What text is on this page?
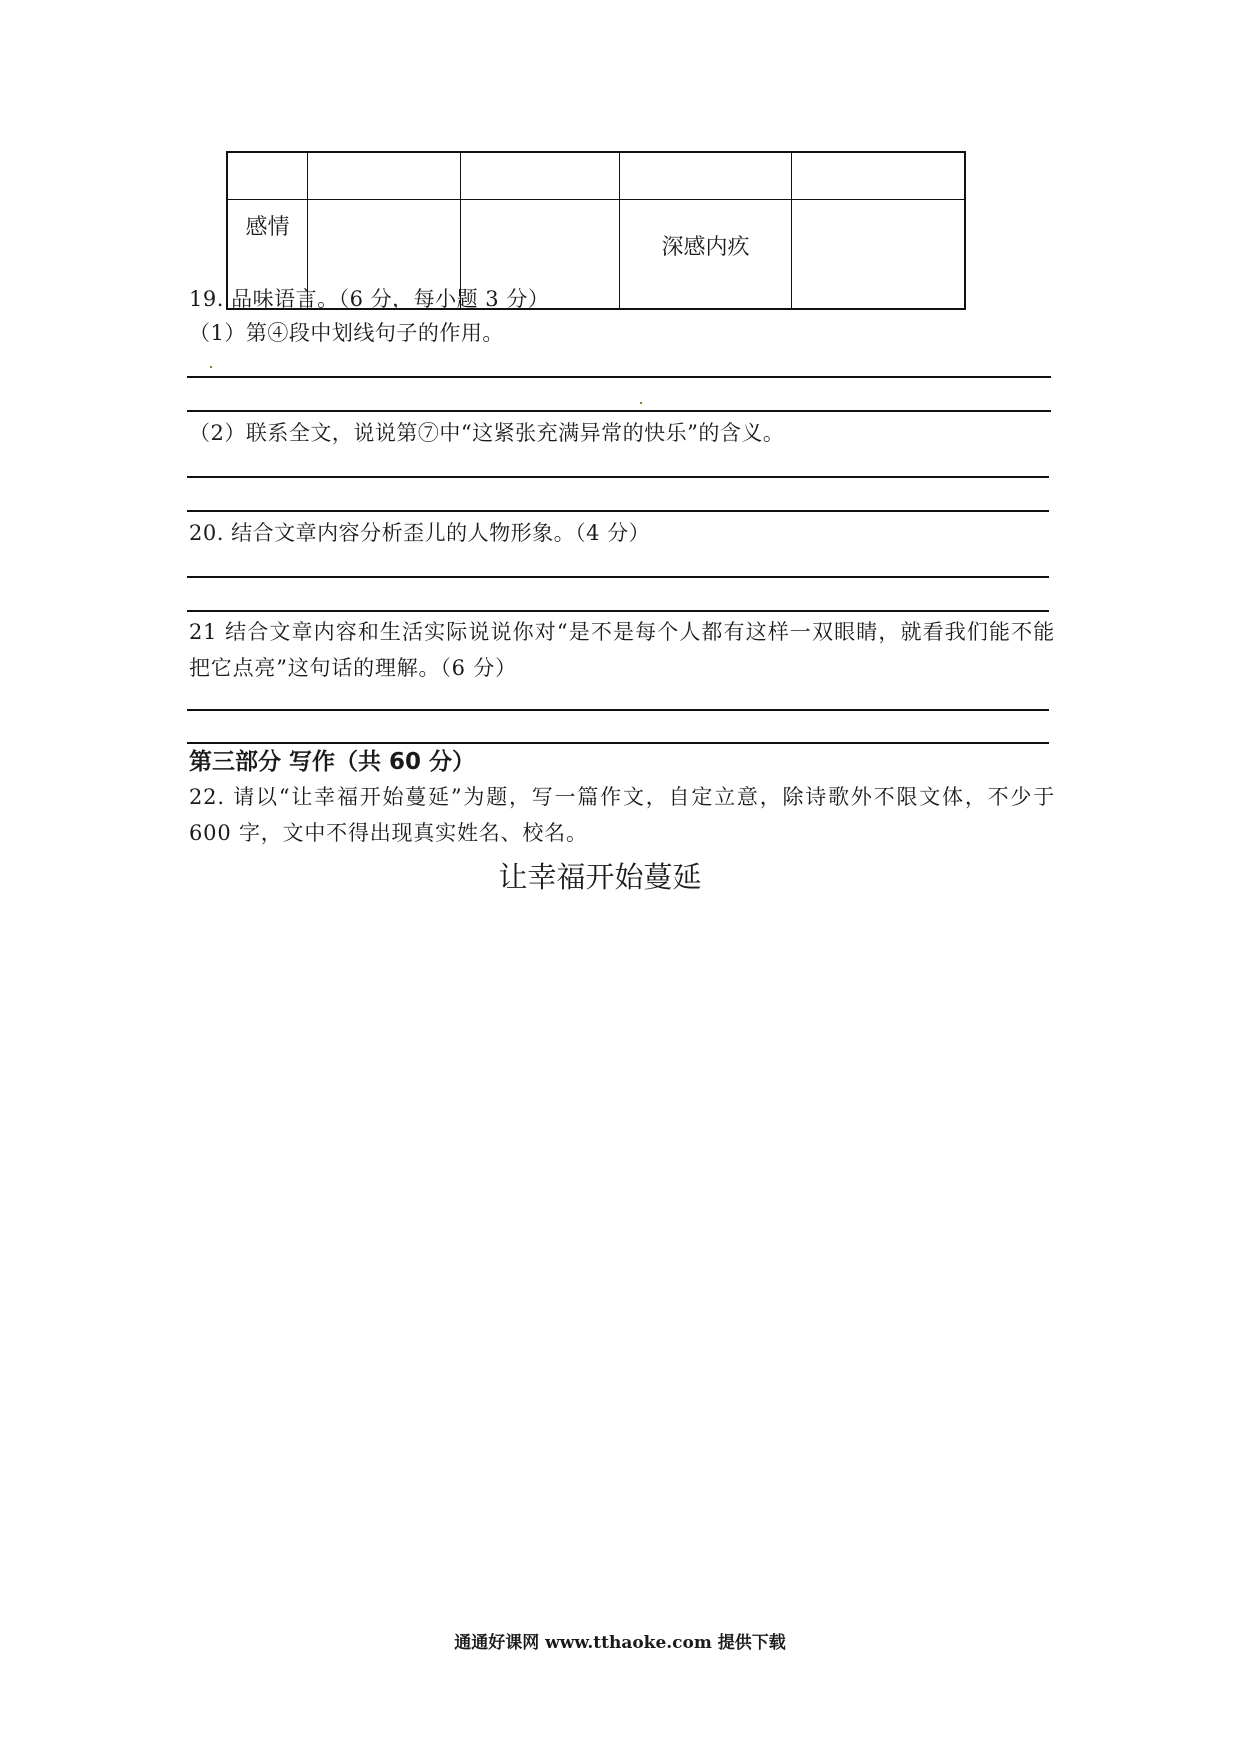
感情			深感内疚	
19. 品味语言。（6 分，每小题 3 分）
（1）第④段中划线句子的作用。
（2）联系全文，说说第⑦中“这紧张充满异常的快乐”的含义。
20. 结合文章内容分析歪儿的人物形象。（4 分）
21 结合文章内容和生活实际说说你对“是不是每个人都有这样一双眼睛，就看我们能不能把它点亮”这句话的理解。（6 分）
第三部分 写作（共 60 分）
22. 请以“让幸福开始蔓延”为题，写一篇作文，自定立意，除诗歌外不限文体，不少于 600 字，文中不得出现真实姓名、校名。
让幸福开始蔓延
通通好课网 www.tthaoke.com 提供下载
